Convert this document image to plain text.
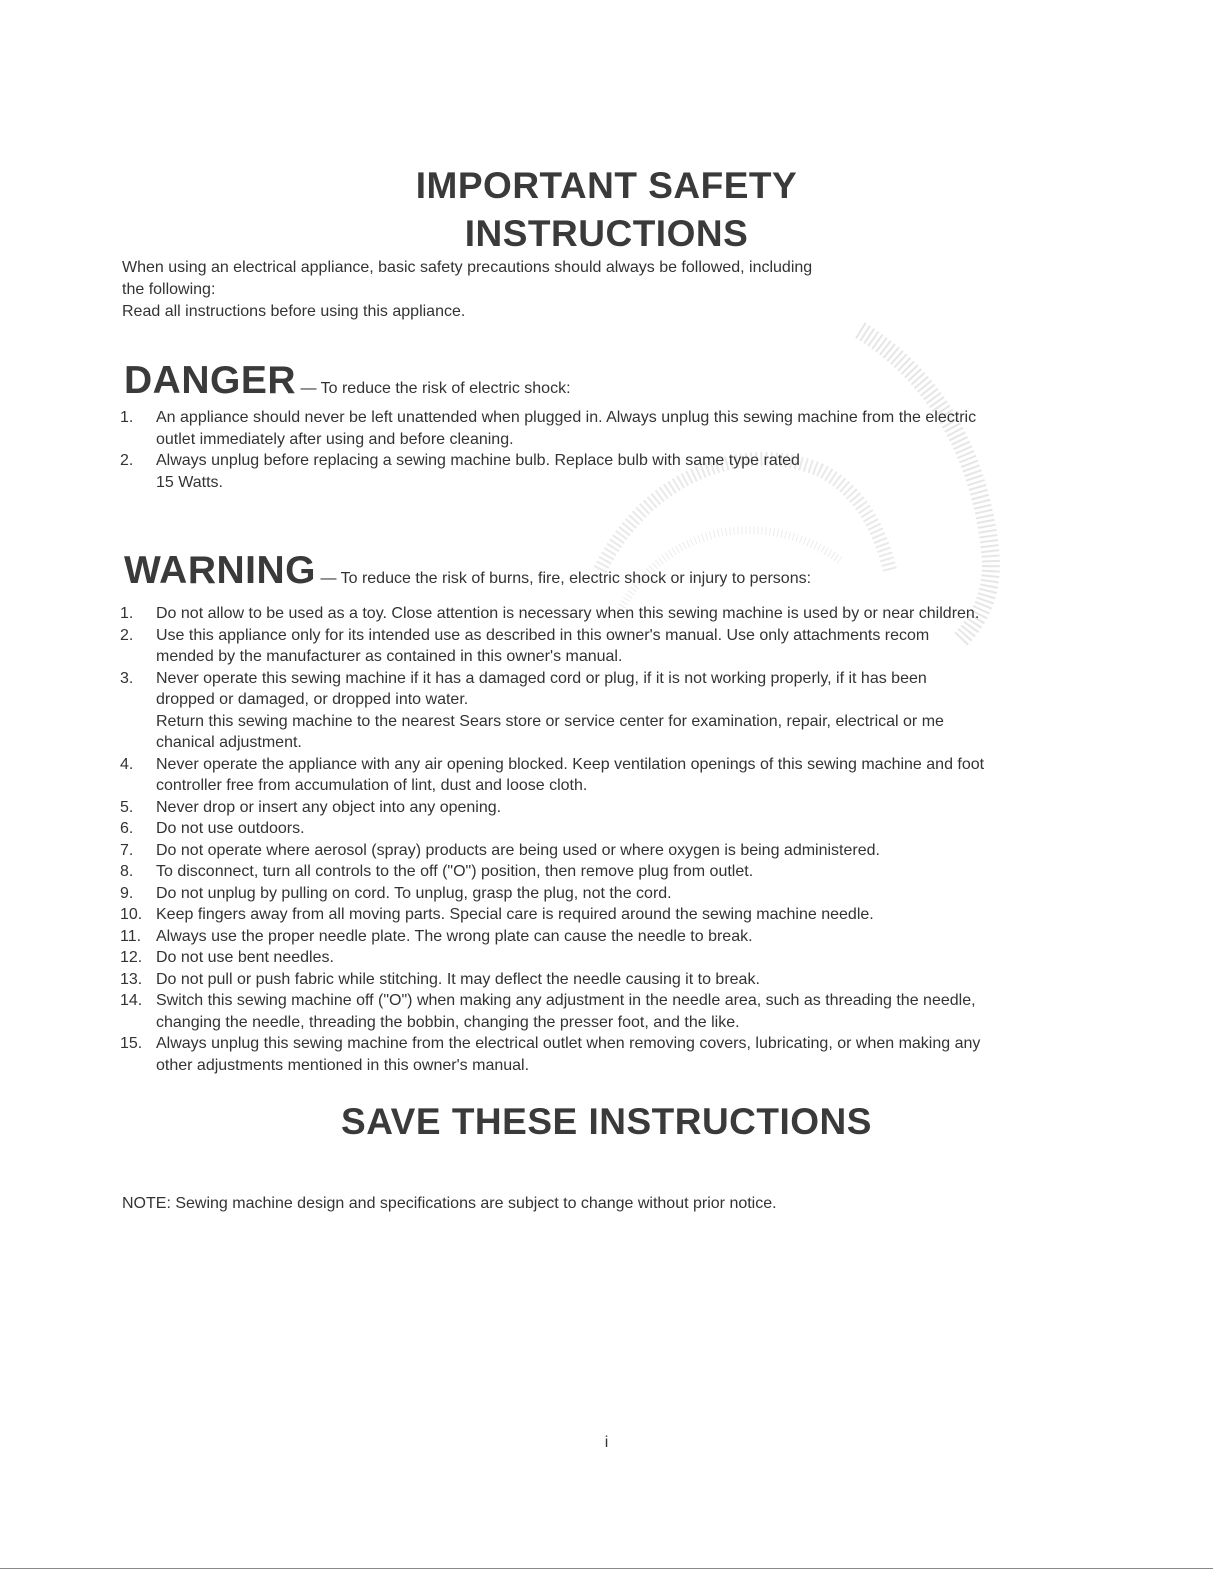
IMPORTANT SAFETY
INSTRUCTIONS
When using an electrical appliance, basic safety precautions should always be followed, including
the following:
Read all instructions before using this appliance.
DANGER — To reduce the risk of electric shock:
1.	An appliance should never be left unattended when plugged in. Always unplug this sewing machine from the electric
outlet immediately after using and before cleaning.
2.	Always unplug before replacing a sewing machine bulb. Replace bulb with same type rated
15 Watts.
WARNING — To reduce the risk of burns, fire, electric shock or injury to persons:
1.	Do not allow to be used as a toy. Close attention is necessary when this sewing machine is used by or near children.
2.	Use this appliance only for its intended use as described in this owner's manual. Use only attachments recom
mended by the manufacturer as contained in this owner's manual.
3.	Never operate this sewing machine if it has a damaged cord or plug, if it is not working properly, if it has been
dropped or damaged, or dropped into water.
Return this sewing machine to the nearest Sears store or service center for examination, repair, electrical or me
chanical adjustment.
4.	Never operate the appliance with any air opening blocked. Keep ventilation openings of this sewing machine and foot
controller free from accumulation of lint, dust and loose cloth.
5.	Never drop or insert any object into any opening.
6.	Do not use outdoors.
7.	Do not operate where aerosol (spray) products are being used or where oxygen is being administered.
8.	To disconnect, turn all controls to the off ("O") position, then remove plug from outlet.
9.	Do not unplug by pulling on cord. To unplug, grasp the plug, not the cord.
10. Keep fingers away from all moving parts. Special care is required around the sewing machine needle.
11. Always use the proper needle plate. The wrong plate can cause the needle to break.
12. Do not use bent needles.
13. Do not pull or push fabric while stitching. It may deflect the needle causing it to break.
14. Switch this sewing machine off ("O") when making any adjustment in the needle area, such as threading the needle,
changing the needle, threading the bobbin, changing the presser foot, and the like.
15. Always unplug this sewing machine from the electrical outlet when removing covers, lubricating, or when making any
other adjustments mentioned in this owner's manual.
SAVE THESE INSTRUCTIONS
NOTE: Sewing machine design and specifications are subject to change without prior notice.
i
